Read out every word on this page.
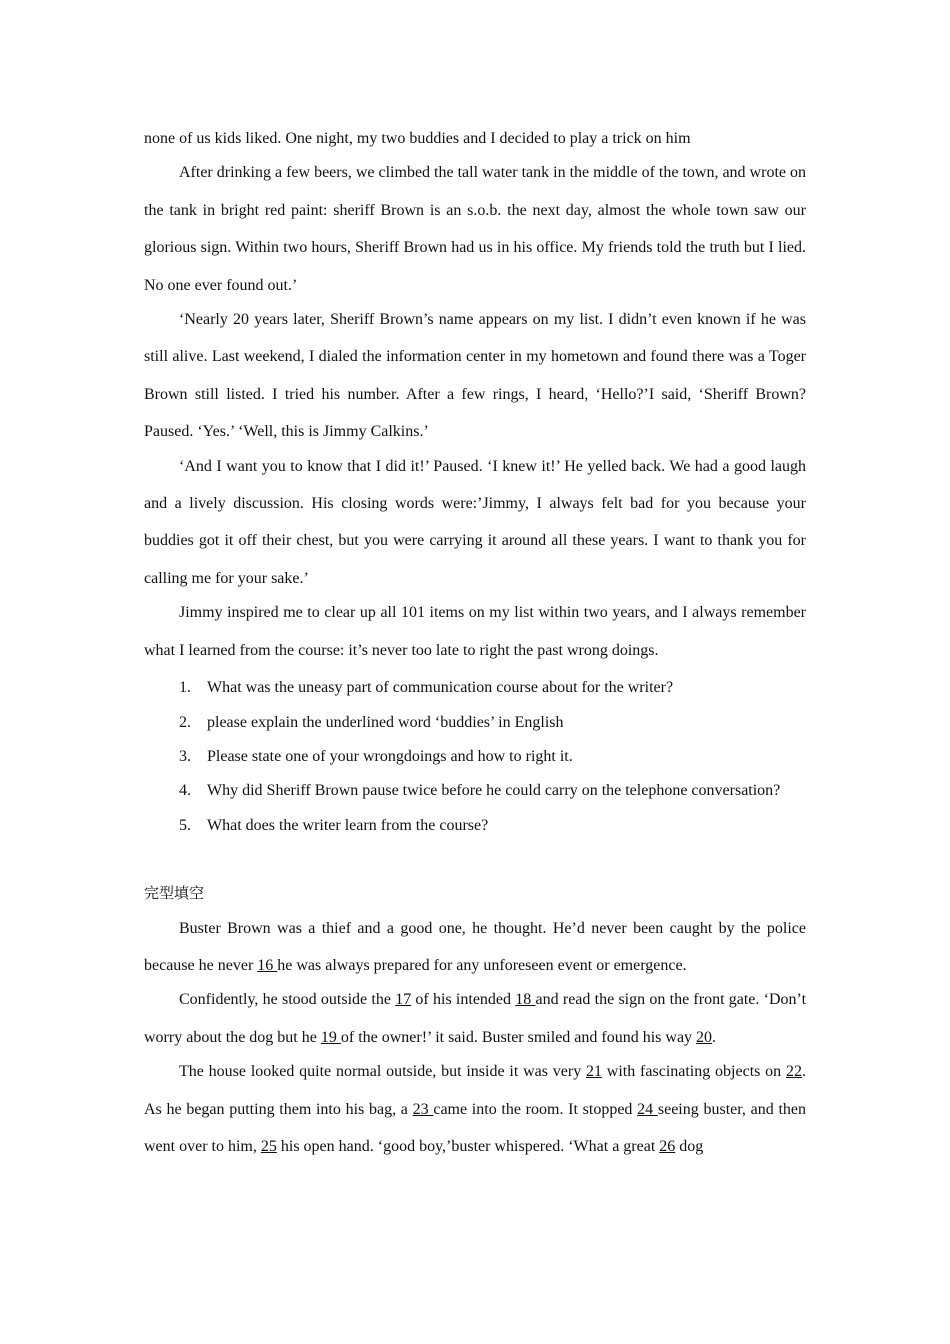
none of us kids liked. One night, my two buddies and I decided to play a trick on him

After drinking a few beers, we climbed the tall water tank in the middle of the town, and wrote on the tank in bright red paint: sheriff Brown is an s.o.b. the next day, almost the whole town saw our glorious sign. Within two hours, Sheriff Brown had us in his office. My friends told the truth but I lied. No one ever found out.’

‘Nearly 20 years later, Sheriff Brown’s name appears on my list. I didn’t even known if he was still alive. Last weekend, I dialed the information center in my hometown and found there was a Toger Brown still listed. I tried his number. After a few rings, I heard, ‘Hello?’I said, ‘Sheriff Brown? Paused. ‘Yes.’ ‘Well, this is Jimmy Calkins.’

‘And I want you to know that I did it!’ Paused. ‘I knew it!’ He yelled back. We had a good laugh and a lively discussion. His closing words were:’Jimmy, I always felt bad for you because your buddies got it off their chest, but you were carrying it around all these years. I want to thank you for calling me for your sake.’

Jimmy inspired me to clear up all 101 items on my list within two years, and I always remember what I learned from the course: it’s never too late to right the past wrong doings.

1. What was the uneasy part of communication course about for the writer?
2. please explain the underlined word ‘buddies’ in English
3. Please state one of your wrongdoings and how to right it.
4. Why did Sheriff Brown pause twice before he could carry on the telephone conversation?
5. What does the writer learn from the course?

完型填空

Buster Brown was a thief and a good one, he thought. He’d never been caught by the police because he never 16 he was always prepared for any unforeseen event or emergence.

Confidently, he stood outside the 17 of his intended 18 and read the sign on the front gate. ‘Don’t worry about the dog but he 19 of the owner!’ it said. Buster smiled and found his way 20.

The house looked quite normal outside, but inside it was very 21 with fascinating objects on 22. As he began putting them into his bag, a 23 came into the room. It stopped 24 seeing buster, and then went over to him, 25 his open hand. ‘good boy,’buster whispered. ‘What a great 26 dog
